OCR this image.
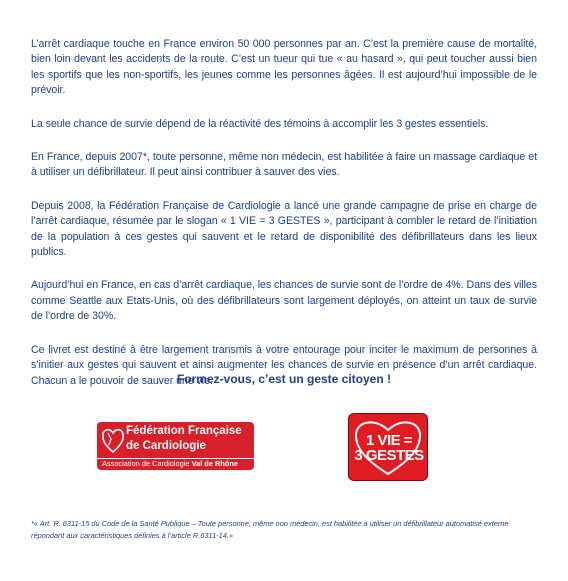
L’arrêt cardiaque touche en France environ 50 000 personnes par an. C’est la première cause de mortalité, bien loin devant les accidents de la route. C’est un tueur qui tue « au hasard », qui peut toucher aussi bien les sportifs que les non-sportifs, les jeunes comme les personnes âgées. Il est aujourd’hui impossible de le prévoir.

La seule chance de survie dépend de la réactivité des témoins à accomplir les 3 gestes essentiels.

En France, depuis 2007*, toute personne, même non médecin, est habilitée à faire un massage cardiaque et à utiliser un défibrillateur. Il peut ainsi contribuer à sauver des vies.

Depuis 2008, la Fédération Française de Cardiologie a lancé une grande campagne de prise en charge de l’arrêt cardiaque, résumée par le slogan « 1 VIE = 3 GESTES », participant à combler le retard de l’initiation de la population à ces gestes qui sauvent et le retard de disponibilité des défibrillateurs dans les lieux publics.

Aujourd’hui en France, en cas d’arrêt cardiaque, les chances de survie sont de l’ordre de 4%. Dans des villes comme Seattle aux Etats-Unis, où des défibrillateurs sont largement déployés, on atteint un taux de survie de l’ordre de 30%.

Ce livret est destiné à être largement transmis à votre entourage pour inciter le maximum de personnes à s’initier aux gestes qui sauvent et ainsi augmenter les chances de survie en présence d’un arrêt cardiaque. Chacun a le pouvoir de sauver une vie.

Formez-vous, c’est un geste citoyen !
Fédération Française
de Cardiologie
Association de Cardiologie Val de Rhône
1 VIE =
3 GESTES
*« Art. R. 6311-15 du Code de la Santé Publique – Toute personne, même non médecin, est habilitée à utiliser un défibrillateur automatisé externe répondant aux caractéristiques définies à l’article R.6311-14.»
